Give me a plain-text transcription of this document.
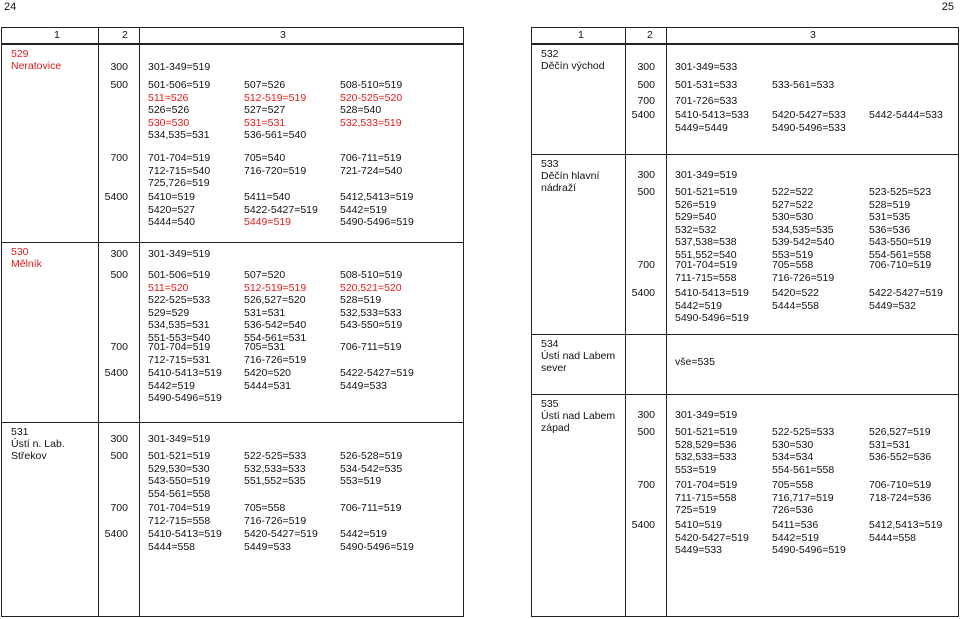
24	25
1	2	3
529
Neratovice	300 301-349=519
500 501-506=519	507=526	508-510=519
511=526	512-519=519	520-525=520
526=526	527=527	528=540
530=530	531=531	532,533=519
534,535=531	536-561=540
700 701-704=519	705=540	706-711=519
712-715=540	716-720=519	721-724=540
725,726=519
5400 5410=519	5411=540	5412,5413=519
5420=527	5422-5427=519 5442=519
5444=540	5449=519	5490-5496=519
530
Mělník
300 301-349=519
500 501-506=519	507=520	508-510=519
511=520	512-519=519	520,521=520
522-525=533	526,527=520	528=519
529=529	531=531	532,533=533
534,535=531	536-542=540	543-550=519
551-553=540	554-561=531
700 701-704=519	705=531	706-711=519
712-715=531	716-726=519
5400 5410-5413=519 5420=520	5422-5427=519
5442=519	5444=531	5449=533
5490-5496=519
531
Ústí n. Lab.
Střekov
300 301-349=519
500 501-521=519	522-525=533	526-528=519
529,530=530	532,533=533	534-542=535
543-550=519	551,552=535	553=519
554-561=558
700 701-704=519	705=558	706-711=519
712-715=558	716-726=519
5400 5410-5413=519 5420-5427=519 5442=519
5444=558	5449=533	5490-5496=519
1	2	3
532
Děčín východ	300 301-349=533
500 501-531=533	533-561=533
700 701-726=533
5400 5410-5413=533 5420-5427=533 5442-5444=533
5449=5449	5490-5496=533
533
Děčín hlavní
nádraží
300 301-349=519
500 501-521=519	522=522	523-525=523
526=519	527=522	528=519
529=540	530=530	531=535
532=532	534,535=535	536=536
537,538=538	539-542=540	543-550=519
551,552=540	553=519	554-561=558
700 701-704=519	705=558	706-710=519
711-715=558	716-726=519
5400 5410-5413=519 5420=522	5422-5427=519
5442=519	5444=558	5449=532
5490-5496=519
534
Ústí nad Labem
sever	vše=535
535
Ústí nad Labem
západ
300 301-349=519
500 501-521=519	522-525=533	526,527=519
528,529=536	530=530	531=531
532,533=533	534=534	536-552=536
553=519	554-561=558
700 701-704=519	705=558	706-710=519
711-715=558	716,717=519	718-724=536
725=519	726=536
5400 5410=519	5411=536	5412,5413=519
5420-5427=519 5442=519	5444=558
5449=533	5490-5496=519
